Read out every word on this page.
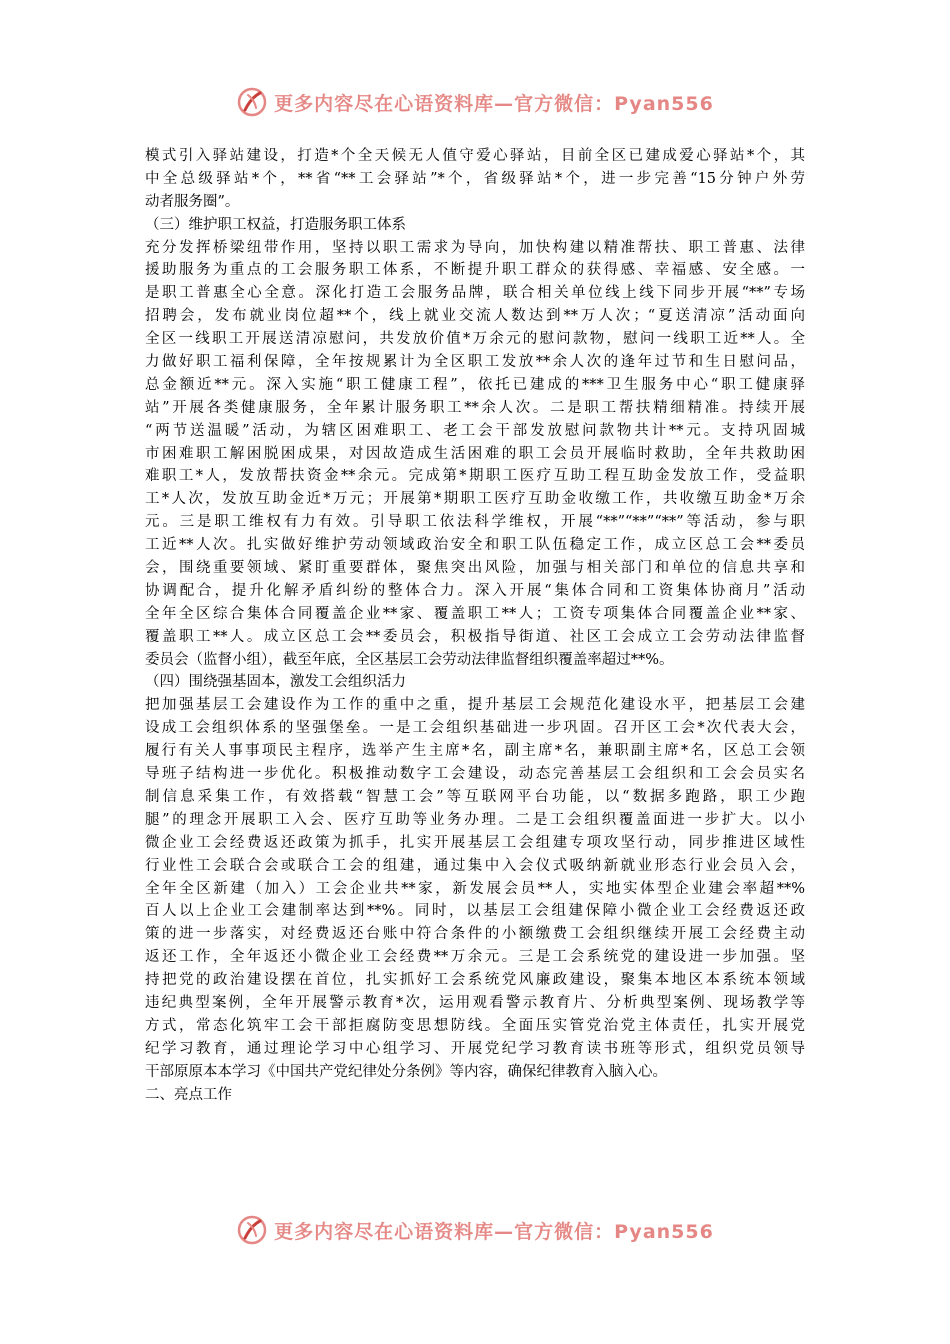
更多内容尽在心语资料库—官方微信：Pyan556
模式引入驿站建设，打造*个全天候无人值守爱心驿站，目前全区已建成爱心驿站*个，其
中全总级驿站*个，**省“**工会驿站”*个，省级驿站*个，进一步完善“15分钟户外劳
动者服务圈”。
（三）维护职工权益，打造服务职工体系
充分发挥桥梁纽带作用，坚持以职工需求为导向，加快构建以精准帮扶、职工普惠、法律
援助服务为重点的工会服务职工体系，不断提升职工群众的获得感、幸福感、安全感。一
是职工普惠全心全意。深化打造工会服务品牌，联合相关单位线上线下同步开展“**”专场
招聘会，发布就业岗位超**个，线上就业交流人数达到**万人次；“夏送清凉”活动面向
全区一线职工开展送清凉慰问，共发放价值*万余元的慰问款物，慰问一线职工近**人。全
力做好职工福利保障，全年按规累计为全区职工发放**余人次的逢年过节和生日慰问品，
总金额近**元。深入实施“职工健康工程”，依托已建成的***卫生服务中心“职工健康驿
站”开展各类健康服务，全年累计服务职工**余人次。二是职工帮扶精细精准。持续开展
“两节送温暖”活动，为辖区困难职工、老工会干部发放慰问款物共计**元。支持巩固城
市困难职工解困脱困成果，对因故造成生活困难的职工会员开展临时救助，全年共救助困
难职工*人，发放帮扶资金**余元。完成第*期职工医疗互助工程互助金发放工作，受益职
工*人次，发放互助金近*万元；开展第*期职工医疗互助金收缴工作，共收缴互助金*万余
元。三是职工维权有力有效。引导职工依法科学维权，开展“**”“**”“**”等活动，参与职
工近**人次。扎实做好维护劳动领域政治安全和职工队伍稳定工作，成立区总工会**委员
会，围绕重要领域、紧盯重要群体，聚焦突出风险，加强与相关部门和单位的信息共享和
协调配合，提升化解矛盾纠纷的整体合力。深入开展“集体合同和工资集体协商月”活动
全年全区综合集体合同覆盖企业**家、覆盖职工**人；工资专项集体合同覆盖企业**家、
覆盖职工**人。成立区总工会**委员会，积极指导街道、社区工会成立工会劳动法律监督
委员会（监督小组），截至年底，全区基层工会劳动法律监督组织覆盖率超过**%。
（四）围绕强基固本，激发工会组织活力
把加强基层工会建设作为工作的重中之重，提升基层工会规范化建设水平，把基层工会建
设成工会组织体系的坚强堡垒。一是工会组织基础进一步巩固。召开区工会*次代表大会，
履行有关人事事项民主程序，选举产生主席*名，副主席*名，兼职副主席*名，区总工会领
导班子结构进一步优化。积极推动数字工会建设，动态完善基层工会组织和工会会员实名
制信息采集工作，有效搭载“智慧工会”等互联网平台功能，以“数据多跑路，职工少跑
腿”的理念开展职工入会、医疗互助等业务办理。二是工会组织覆盖面进一步扩大。以小
微企业工会经费返还政策为抓手，扎实开展基层工会组建专项攻坚行动，同步推进区域性
行业性工会联合会或联合工会的组建，通过集中入会仪式吸纳新就业形态行业会员入会，
全年全区新建（加入）工会企业共**家，新发展会员**人，实地实体型企业建会率超**%
百人以上企业工会建制率达到**%。同时，以基层工会组建保障小微企业工会经费返还政
策的进一步落实，对经费返还台账中符合条件的小额缴费工会组织继续开展工会经费主动
返还工作，全年返还小微企业工会经费**万余元。三是工会系统党的建设进一步加强。坚
持把党的政治建设摆在首位，扎实抓好工会系统党风廉政建设，聚集本地区本系统本领域
违纪典型案例，全年开展警示教育*次，运用观看警示教育片、分析典型案例、现场教学等
方式，常态化筑牢工会干部拒腐防变思想防线。全面压实管党治党主体责任，扎实开展党
纪学习教育，通过理论学习中心组学习、开展党纪学习教育读书班等形式，组织党员领导
干部原原本本学习《中国共产党纪律处分条例》等内容，确保纪律教育入脑入心。
二、亮点工作
更多内容尽在心语资料库—官方微信：Pyan556
